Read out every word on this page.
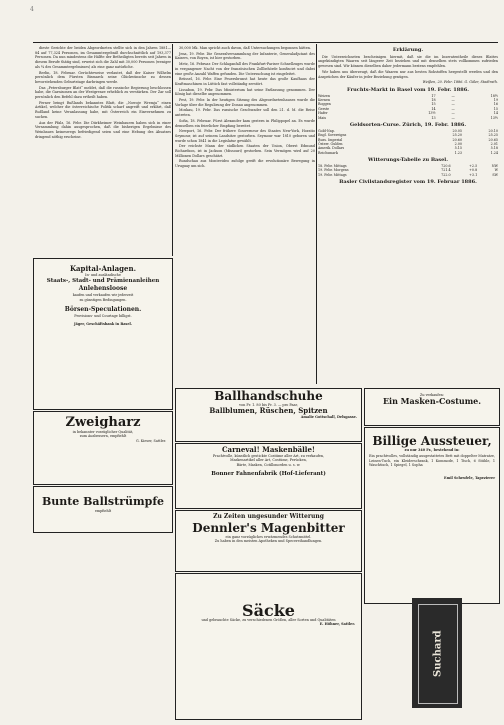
4

dieste Gerichte der beiden Abgeordneten stellte sich in den Jahren 1881—84 auf 77,324 Personen, im Gesammtergebniß durchschnittlich auf 193,377 Personen. Da nun mindestens die Hälfte der Betheiligten bereits seit Jahren in diesem Berufe thätig sind, erweist sich die Zahl mit 30,000 Personen (weniger als ¼ des Gesammtergebnisses) als eine ganz natürliche.

Berlin, 18. Februar. Gerüchteweise verlautet, daß der Kaiser Wilhelm persönlich dem Fürsten Bismarck seine Glückwünsche zu dessen bevorstehenden Geburtstage darbringen werde.

Das „Petersburger Blatt“ meldet, daß die russische Regierung beschlossen habe, die Garnisonen an der Westgrenze erheblich zu verstärken. Der Zar soll persönlich den Befehl dazu ertheilt haben.

Ferner bringt Rußlands bekanntes Blatt, die „Nowoje Wremja“ einen Artikel, welcher die österreichische Politik scharf angreift und erklärt, daß Rußland keine Veranlassung habe, mit Österreich ein Einvernehmen zu suchen.

Aus der Pfalz, 16. Febr. Die Dürkheimer Weinbauern haben sich in einer Versammlung dahin ausgesprochen, daß die bisherigen Ergebnisse des Weinbaues keineswegs befriedigend seien und eine Hebung des Absatzes dringend nöthig erscheine.

30,000 Mk. Man spricht auch davon, daß Untersuchungen begonnen hätten.

Jena, 19. Febr. Die Generalversammlung der Infanterie, Generaladjutant des Kaisers, von Boyen, ist hier gestorben.

Metz, 16. Februar. Der Schlaganfall des Frankfurt-Pariser Schnellzuges wurde in vergangener Nacht von der französischen Zollbehörde konfiscirt und dabei eine große Anzahl Waffen gefunden. Die Untersuchung ist eingeleitet.

Brüssel, 16. Febr. Eine Feuersbrunst hat heute das große Kaufhaus der Kraftmaschinen in Lüttich fast vollständig zerstört.

Lissabon, 19. Febr. Das Ministerium hat seine Entlassung genommen. Der König hat dieselbe angenommen.

Pest, 19. Febr. In der heutigen Sitzung des Abgeordnetenhauses wurde die Vorlage über die Regulirung der Donau angenommen.

Moskau, 19. Febr. Das russische Geschwader soll den 21. d. M. die Reise antreten.

Sofia, 18. Februar. Fürst Alexander kam gestern in Philippopel an. Es wurde demselben ein feierlicher Empfang bereitet.

Newport, 16. Febr. Der frühere Gouverneur des Staates New-York, Horatio Seymour, ist auf seinem Landsitze gestorben. Seymour war 1810 geboren und wurde schon 1841 in die Legislatur gewählt.

Der reichste Mann der südlichen Staaten der Union, Oberst Edmund Richardson, ist in Jackson (Missouri) gestorben. Sein Vermögen wird auf 20 Millionen Dollars geschätzt.

Rundschau aus Montevideo zufolge greift die revolutionäre Bewegung in Uruguay um sich.

Erklärung.

Die Unterzeichneten bescheinigen hiermit, daß sie die im Inseratentheile dieses Blattes angekündigten Waaren seit längerer Zeit beziehen und mit denselben stets vollkommen zufrieden gewesen sind. Wir können dieselben daher jedermann bestens empfehlen.

Wir haben uns überzeugt, daß die Waaren nur aus besten Rohstoffen hergestellt werden und den Ansprüchen der Käufer in jeder Beziehung genügen.

Weißen, 20. Febr. 1886. G. Gäler, Stadtrath.
Fruchts-Markt in Basel vom 19. Febr. 1886.
Weizen	17	—	18½
Kernen	18	—	19
Roggen	15	—	16
Gerste	14	—	15
Hafer	13½	—	14
Mais	13	—	13½
Geldsorten-Curse. Zürich, 19. Febr. 1886.
Gold-Nap.	20.05	20.10
Engl. Sovereigns	25.20	25.25
Russ. Imperial	20.60	20.65
Österr. Gulden	2.00	2.01
Amerik. Dollars	5.15	5.18
Reichsmark	1.23	1.24
Witterungs-Tabelle zu Basel.
18. Febr. Mittags	720.6	+2.5	NW
19. Febr. Morgens	721.4	+0.8	W
19. Febr. Mittags	722.0	+3.1	SW
Basler Civilstandsregister vom 19. Februar 1886.
Kapital-Anlagen.
In- und ausländische
Staats-, Stadt- und Prämienanleihen
Anlehensloose
kaufen und verkaufen wir jederzeit
zu günstigen Bedingungen.
Börsen-Speculationen.
Provisions- und Courtage billigst.
Jäger, Geschäftsbank in Basel.
Zweigharz
in bekannter vorzüglicher Qualität,
zum Ausbessern, empfiehlt
G. Kieser, Sattler.
Bunte Ballstrümpfe
empfiehlt
Ballhandschuhe
von Fr. 1. 80 bis Fr. 3. — pro Paar,
Ballblumen, Rüschen, Spitzen
Amalie Gottschall, Delsgasse.
Carneval! Maskenbälle!
Prachtvolle, künstlich gestickte Costüme aller Art, zu verkaufen,
Maskenartikel aller Art, Costüme, Perücken,
Bärte, Masken, Cotillonorden u. s. w.
Bonner Fahnenfabrik (Hof-Lieferant)
Zu Zeiten ungesunder Witterung
Dennler's Magenbitter
ein ganz vorzügliches erwärmendes Schutzmittel.
Zu haben in den meisten Apotheken und Specereihandlungen.
Säcke
und gebrauchte Säcke, zu verschiedenen Größen, aller Sorten und Qualitäten
E. Höhner, Sattler.
Zu verkaufen:
Ein Masken-Costume.
Billige Aussteuer,
zu nur 340 Fr., bestehend in:
Ein prachtvolles, vollständig ausgestattetes Bett mit doppelter Matratze, Leinen-Tuch, ein Kleiderschrank, 1 Kommode, 1 Tisch, 6 Stühle, 1 Waschtisch, 1 Spiegel, 1 Sopha
Emil Scheufele, Tapezierer
Suchard
